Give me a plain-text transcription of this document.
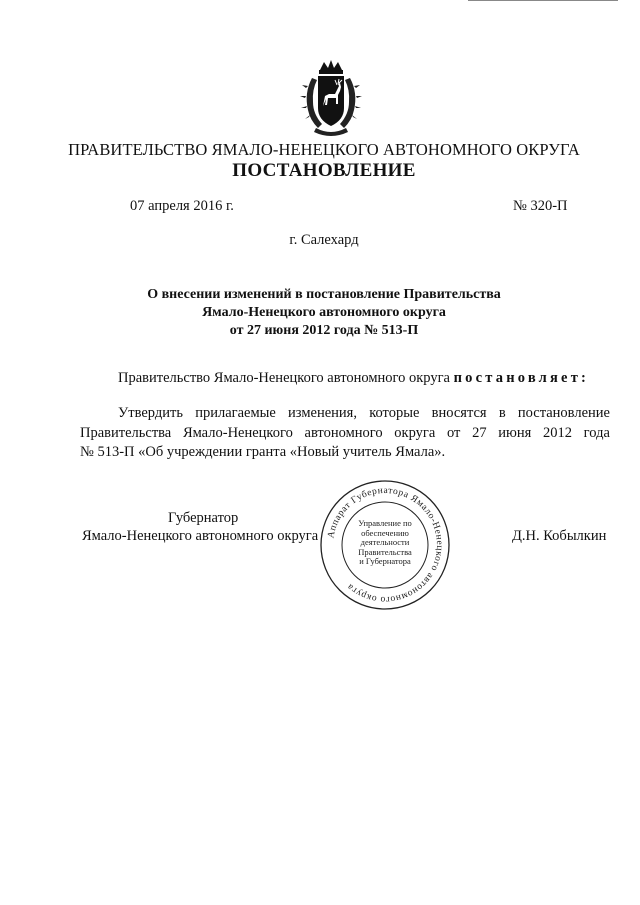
ПРАВИТЕЛЬСТВО ЯМАЛО-НЕНЕЦКОГО АВТОНОМНОГО ОКРУГА
ПОСТАНОВЛЕНИЕ
07 апреля 2016 г.	№ 320-П
г. Салехард
О внесении изменений в постановление Правительства
Ямало-Ненецкого автономного округа
от 27 июня 2012 года № 513-П
Правительство Ямало-Ненецкого автономного округа постановляет:
Утвердить прилагаемые изменения, которые вносятся в постановление
Правительства Ямало-Ненецкого автономного округа от 27 июня 2012 года
№ 513-П «Об учреждении гранта «Новый учитель Ямала».
Губернатор
Ямало-Ненецкого автономного округа	Д.Н. Кобылкин
Аппарат Губернатора Ямало-Ненецкого автономного округа
Управление по
обеспечению
деятельности
Правительства
и Губернатора
